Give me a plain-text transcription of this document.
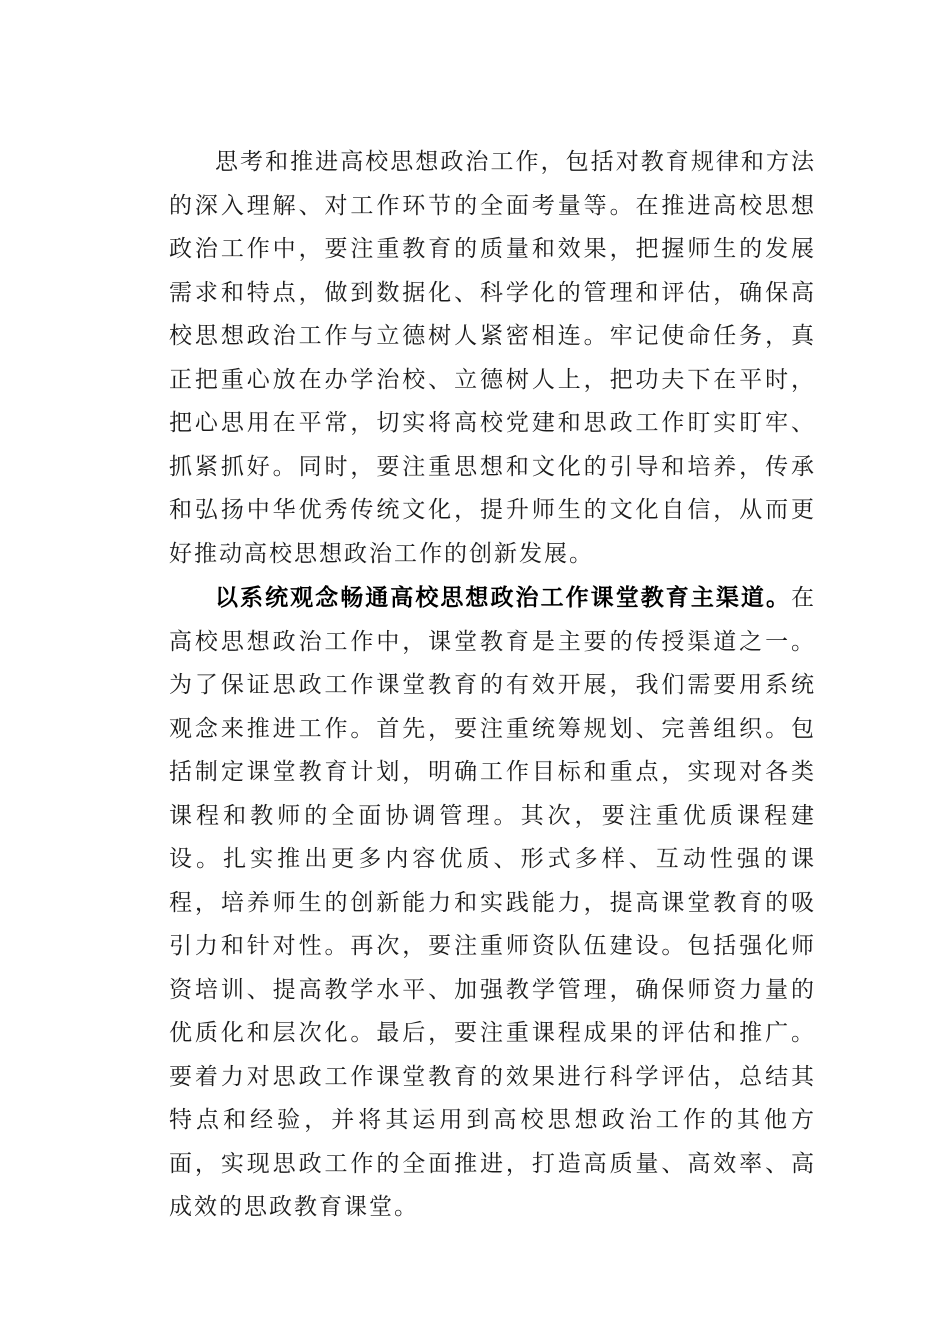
思考和推进高校思想政治工作，包括对教育规律和方法的深入理解、对工作环节的全面考量等。在推进高校思想政治工作中，要注重教育的质量和效果，把握师生的发展需求和特点，做到数据化、科学化的管理和评估，确保高校思想政治工作与立德树人紧密相连。牢记使命任务，真正把重心放在办学治校、立德树人上，把功夫下在平时，把心思用在平常，切实将高校党建和思政工作盯实盯牢、抓紧抓好。同时，要注重思想和文化的引导和培养，传承和弘扬中华优秀传统文化，提升师生的文化自信，从而更好推动高校思想政治工作的创新发展。

以系统观念畅通高校思想政治工作课堂教育主渠道。在高校思想政治工作中，课堂教育是主要的传授渠道之一。为了保证思政工作课堂教育的有效开展，我们需要用系统观念来推进工作。首先，要注重统筹规划、完善组织。包括制定课堂教育计划，明确工作目标和重点，实现对各类课程和教师的全面协调管理。其次，要注重优质课程建设。扎实推出更多内容优质、形式多样、互动性强的课程，培养师生的创新能力和实践能力，提高课堂教育的吸引力和针对性。再次，要注重师资队伍建设。包括强化师资培训、提高教学水平、加强教学管理，确保师资力量的优质化和层次化。最后，要注重课程成果的评估和推广。要着力对思政工作课堂教育的效果进行科学评估，总结其特点和经验，并将其运用到高校思想政治工作的其他方面，实现思政工作的全面推进，打造高质量、高效率、高成效的思政教育课堂。
